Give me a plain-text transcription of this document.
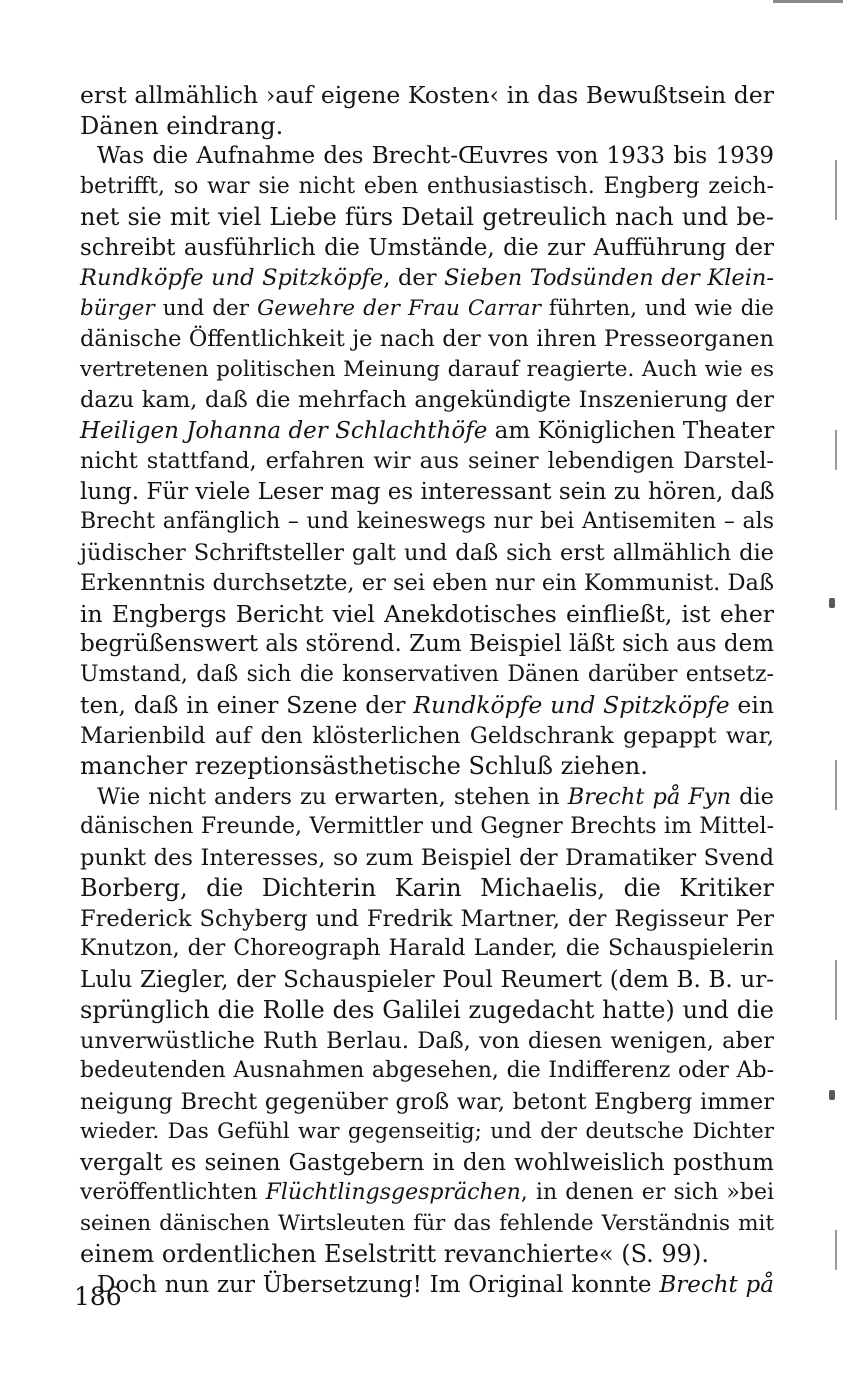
erst allmählich ›auf eigene Kosten‹ in das Bewußtsein der
Dänen eindrang.
Was die Aufnahme des Brecht-Œuvres von 1933 bis 1939
betrifft, so war sie nicht eben enthusiastisch. Engberg zeich-
net sie mit viel Liebe fürs Detail getreulich nach und be-
schreibt ausführlich die Umstände, die zur Aufführung der
Rundköpfe und Spitzköpfe, der Sieben Todsünden der Klein-
bürger und der Gewehre der Frau Carrar führten, und wie die
dänische Öffentlichkeit je nach der von ihren Presseorganen
vertretenen politischen Meinung darauf reagierte. Auch wie es
dazu kam, daß die mehrfach angekündigte Inszenierung der
Heiligen Johanna der Schlachthöfe am Königlichen Theater
nicht stattfand, erfahren wir aus seiner lebendigen Darstel-
lung. Für viele Leser mag es interessant sein zu hören, daß
Brecht anfänglich – und keineswegs nur bei Antisemiten – als
jüdischer Schriftsteller galt und daß sich erst allmählich die
Erkenntnis durchsetzte, er sei eben nur ein Kommunist. Daß
in Engbergs Bericht viel Anekdotisches einfließt, ist eher
begrüßenswert als störend. Zum Beispiel läßt sich aus dem
Umstand, daß sich die konservativen Dänen darüber entsetz-
ten, daß in einer Szene der Rundköpfe und Spitzköpfe ein
Marienbild auf den klösterlichen Geldschrank gepappt war,
mancher rezeptionsästhetische Schluß ziehen.
Wie nicht anders zu erwarten, stehen in Brecht på Fyn die
dänischen Freunde, Vermittler und Gegner Brechts im Mittel-
punkt des Interesses, so zum Beispiel der Dramatiker Svend
Borberg, die Dichterin Karin Michaelis, die Kritiker
Frederick Schyberg und Fredrik Martner, der Regisseur Per
Knutzon, der Choreograph Harald Lander, die Schauspielerin
Lulu Ziegler, der Schauspieler Poul Reumert (dem B. B. ur-
sprünglich die Rolle des Galilei zugedacht hatte) und die
unverwüstliche Ruth Berlau. Daß, von diesen wenigen, aber
bedeutenden Ausnahmen abgesehen, die Indifferenz oder Ab-
neigung Brecht gegenüber groß war, betont Engberg immer
wieder. Das Gefühl war gegenseitig; und der deutsche Dichter
vergalt es seinen Gastgebern in den wohlweislich posthum
veröffentlichten Flüchtlingsgesprächen, in denen er sich »bei
seinen dänischen Wirtsleuten für das fehlende Verständnis mit
einem ordentlichen Eselstritt revanchierte« (S. 99).
Doch nun zur Übersetzung! Im Original konnte Brecht på
186
